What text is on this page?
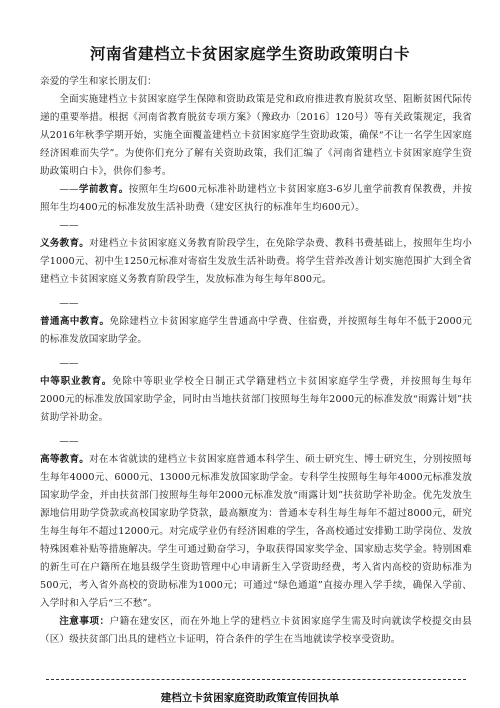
河南省建档立卡贫困家庭学生资助政策明白卡

亲爱的学生和家长朋友们：

全面实施建档立卡贫困家庭学生保障和资助政策是党和政府推进教育脱贫攻坚、阻断贫困代际传递的重要举措。根据《河南省教育脱贫专项方案》（豫政办〔2016〕120号）等有关政策规定，我省从2016年秋季学期开始，实施全面覆盖建档立卡贫困家庭学生资助政策，确保“不让一名学生因家庭经济困难而失学”。为使你们充分了解有关资助政策，我们汇编了《河南省建档立卡贫困家庭学生资助政策明白卡》，供你们参考。

——学前教育。按照年生均600元标准补助建档立卡贫困家庭3-6岁儿童学前教育保教费，并按照年生均400元的标准发放生活补助费（建安区执行的标准年生均600元）。

——

义务教育。对建档立卡贫困家庭义务教育阶段学生，在免除学杂费、教科书费基础上，按照年生均小学1000元、初中生1250元标准对寄宿生发放生活补助费。将学生营养改善计划实施范围扩大到全省建档立卡贫困家庭义务教育阶段学生，发放标准为每生每年800元。

——

普通高中教育。免除建档立卡贫困家庭学生普通高中学费、住宿费，并按照每生每年不低于2000元的标准发放国家助学金。

——

中等职业教育。免除中等职业学校全日制正式学籍建档立卡贫困家庭学生学费，并按照每生每年2000元的标准发放国家助学金，同时由当地扶贫部门按照每生每年2000元的标准发放“雨露计划”扶贫助学补助金。

——

高等教育。对在本省就读的建档立卡贫困家庭普通本科学生、硕士研究生、博士研究生，分别按照每生每年4000元、6000元、13000元标准发放国家助学金。专科学生按照每生每年4000元标准发放国家助学金，并由扶贫部门按照每生每年2000元标准发放“雨露计划”扶贫助学补助金。优先发放生源地信用助学贷款或高校国家助学贷款，最高额度为：普通本专科生每生每年不超过8000元，研究生每生每年不超过12000元。对完成学业仍有经济困难的学生，各高校通过安排勤工助学岗位、发放特殊困难补贴等措施解决。学生可通过勤奋学习，争取获得国家奖学金、国家励志奖学金。特别困难的新生可在户籍所在地县级学生资助管理中心申请新生入学资助经费，考入省内高校的资助标准为500元，考入省外高校的资助标准为1000元；可通过“绿色通道”直接办理入学手续，确保入学前、入学时和入学后“三不愁”。

注意事项：户籍在建安区，而在外地上学的建档立卡贫困家庭学生需及时向就读学校提交由县（区）级扶贫部门出具的建档立卡证明，符合条件的学生在当地就读学校享受资助。

建档立卡贫困家庭资助政策宣传回执单
